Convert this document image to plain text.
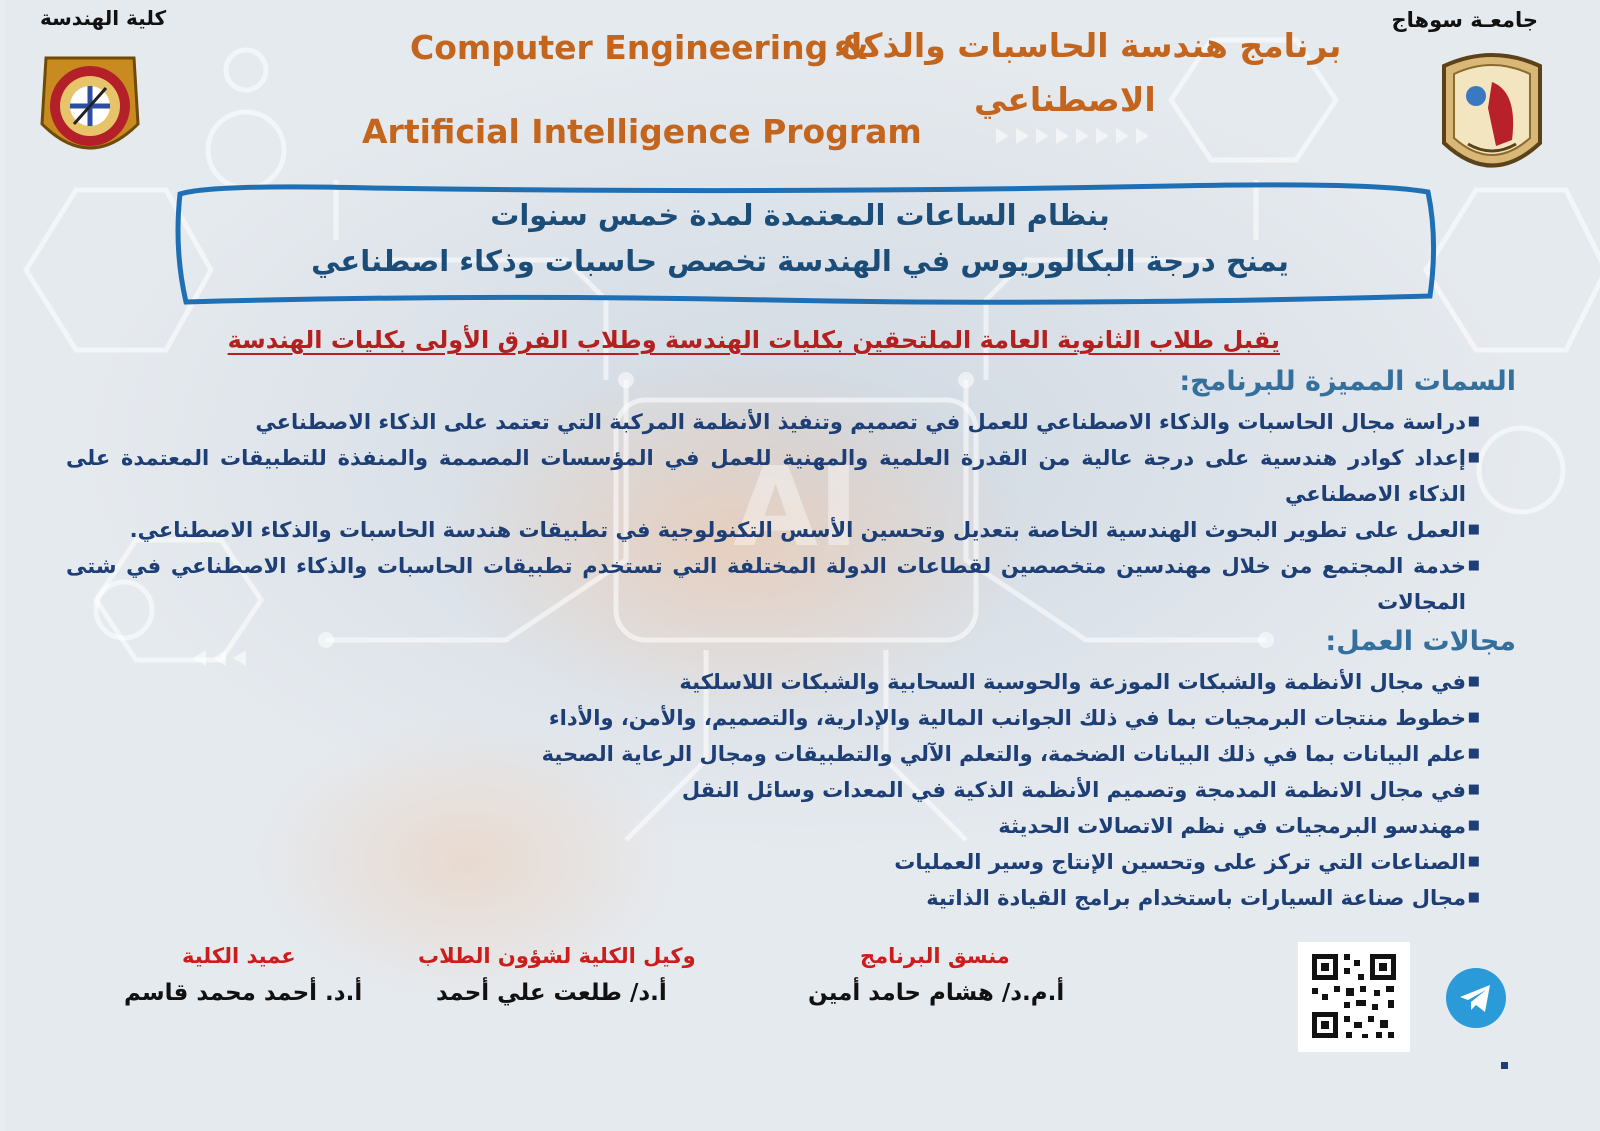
AI
جامعـة سوهاج
كلية الهندسة
Computer Engineering &
برنامج هندسة الحاسبات والذكاء
الاصطناعي
Artificial Intelligence Program
بنظام الساعات المعتمدة لمدة خمس سنوات
يمنح درجة البكالوريوس في الهندسة تخصص حاسبات وذكاء اصطناعي
يقبل طلاب الثانوية العامة الملتحقين بكليات الهندسة وطلاب الفرق الأولى بكليات الهندسة
السمات المميزة للبرنامج:
■
دراسة مجال الحاسبات والذكاء الاصطناعي للعمل في تصميم وتنفيذ الأنظمة المركبة التي تعتمد على الذكاء الاصطناعي
■
إعداد كوادر هندسية على درجة عالية من القدرة العلمية والمهنية للعمل في المؤسسات المصممة والمنفذة للتطبيقات المعتمدة على الذكاء الاصطناعي
■
العمل على تطوير البحوث الهندسية الخاصة بتعديل وتحسين الأسس التكنولوجية في تطبيقات هندسة الحاسبات والذكاء الاصطناعي.
■
خدمة المجتمع من خلال مهندسين متخصصين لقطاعات الدولة المختلفة التي تستخدم تطبيقات الحاسبات والذكاء الاصطناعي في شتى المجالات
مجالات العمل:
■
في مجال الأنظمة والشبكات الموزعة والحوسبة السحابية والشبكات اللاسلكية
■
خطوط منتجات البرمجيات بما في ذلك الجوانب المالية والإدارية، والتصميم، والأمن، والأداء
■
علم البيانات بما في ذلك البيانات الضخمة، والتعلم الآلي والتطبيقات ومجال الرعاية الصحية
■
في مجال الانظمة المدمجة وتصميم الأنظمة الذكية في المعدات وسائل النقل
■
مهندسو البرمجيات في نظم الاتصالات الحديثة
■
الصناعات التي تركز على وتحسين الإنتاج وسير العمليات
■
مجال صناعة السيارات باستخدام برامج القيادة الذاتية
منسق البرنامج
أ.م.د/ هشام حامد أمين
وكيل الكلية لشؤون الطلاب
أ.د/ طلعت علي أحمد
عميد الكلية
أ.د. أحمد محمد قاسم
